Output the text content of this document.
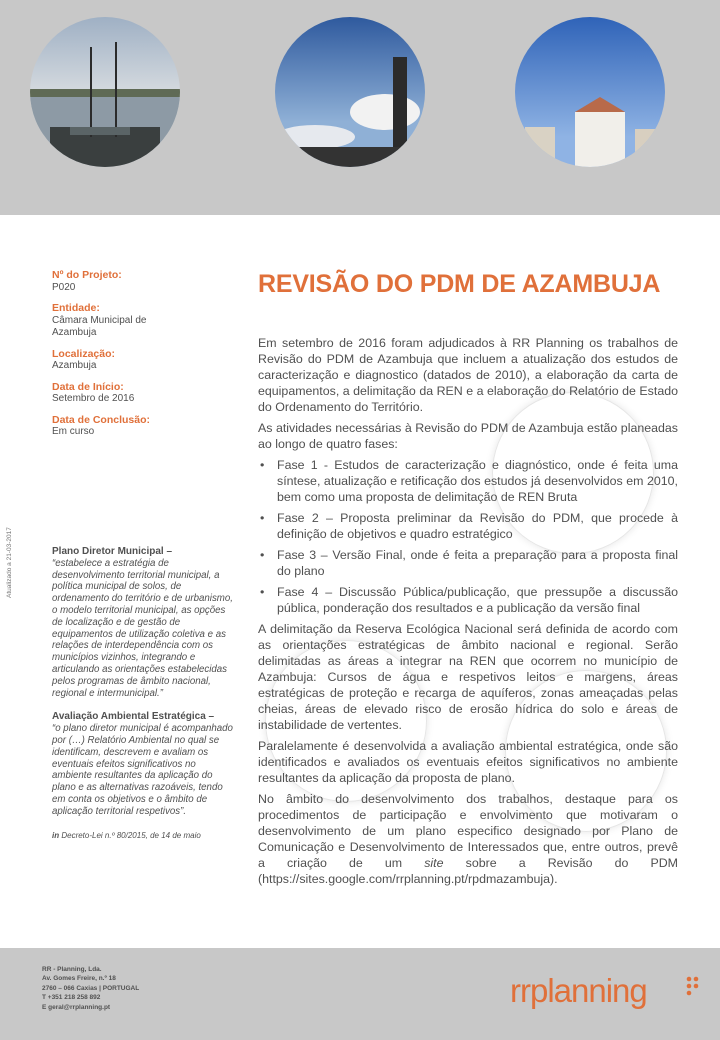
Nº do Projeto:
P020
Entidade:
Câmara Municipal de Azambuja
Localização:
Azambuja
Data de Início:
Setembro de 2016
Data de Conclusão:
Em curso
Atualizado a 21-03-2017	Plano Diretor Municipal –
“estabelece a estratégia de desenvolvimento territorial municipal, a política municipal de solos, de ordenamento do território e de urbanismo, o modelo territorial municipal, as opções de localização e de gestão de equipamentos de utilização coletiva e as relações de interdependência com os municípios vizinhos, integrando e articulando as orientações estabelecidas pelos programas de âmbito nacional, regional e intermunicipal.”
Avaliação Ambiental Estratégica –
“o plano diretor municipal é acompanhado por (…) Relatório Ambiental no qual se identificam, descrevem e avaliam os eventuais efeitos significativos no ambiente resultantes da aplicação do plano e as alternativas razoáveis, tendo em conta os objetivos e o âmbito de aplicação territorial respetivos”.
in Decreto-Lei n.º 80/2015, de 14 de maio
REVISÃO DO PDM DE AZAMBUJA

Em setembro de 2016 foram adjudicados à RR Planning os trabalhos de Revisão do PDM de Azambuja que incluem a atualização dos estudos de caracterização e diagnostico (datados de 2010), a elaboração da carta de equipamentos, a delimitação da REN e a elaboração do Relatório de Estado do Ordenamento do Território.

As atividades necessárias à Revisão do PDM de Azambuja estão planeadas ao longo de quatro fases:

• Fase 1 - Estudos de caracterização e diagnóstico, onde é feita uma síntese, atualização e retificação dos estudos já desenvolvidos em 2010, bem como uma proposta de delimitação de REN Bruta
• Fase 2 – Proposta preliminar da Revisão do PDM, que procede à definição de objetivos e quadro estratégico
• Fase 3 – Versão Final, onde é feita a preparação para a proposta final do plano
• Fase 4 – Discussão Pública/publicação, que pressupõe a discussão pública, ponderação dos resultados e a publicação da versão final

A delimitação da Reserva Ecológica Nacional será definida de acordo com as orientações estratégicas de âmbito nacional e regional. Serão delimitadas as áreas a integrar na REN que ocorrem no município de Azambuja: Cursos de água e respetivos leitos e margens, áreas estratégicas de proteção e recarga de aquíferos, zonas ameaçadas pelas cheias, áreas de elevado risco de erosão hídrica do solo e áreas de instabilidade de vertentes.

Paralelamente é desenvolvida a avaliação ambiental estratégica, onde são identificados e avaliados os eventuais efeitos significativos no ambiente resultantes da aplicação da proposta de plano.

No âmbito do desenvolvimento dos trabalhos, destaque para os procedimentos de participação e envolvimento que motivaram o desenvolvimento de um plano especifico designado por Plano de Comunicação e Desenvolvimento de Interessados que, entre outros, prevê a criação de um site sobre a Revisão do PDM (https://sites.google.com/rrplanning.pt/rpdmazambuja).

RR - Planning, Lda.
Av. Gomes Freire, n.º 18
2760 – 066 Caxias | PORTUGAL
T +351 218 258 892
E geral@rrplanning.pt	rrplanning
